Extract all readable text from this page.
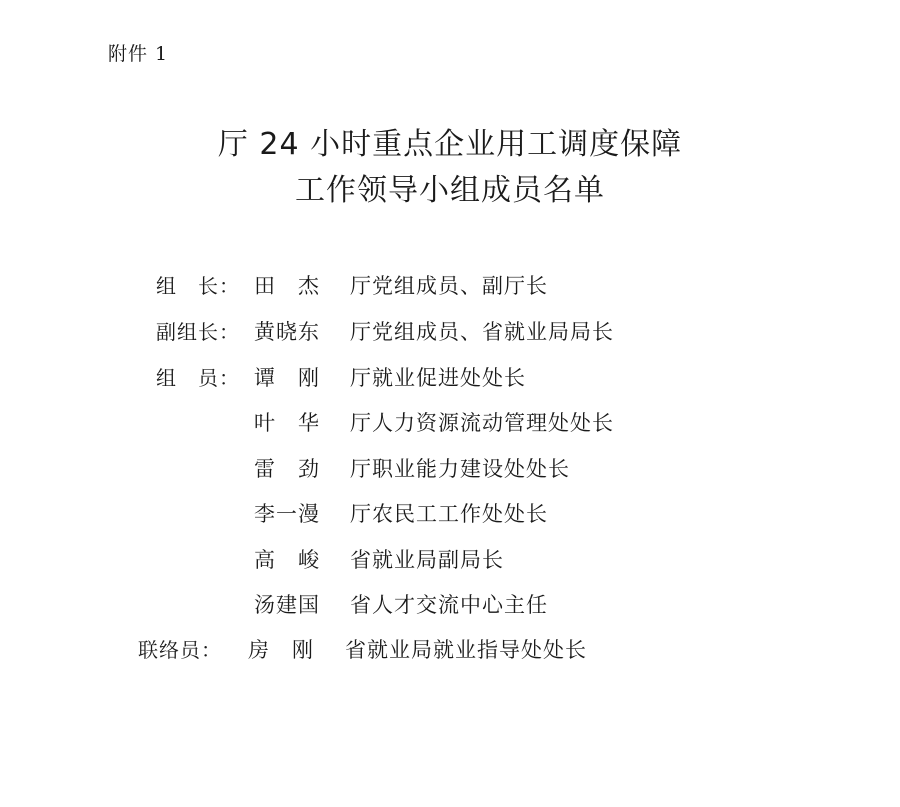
附件 1
厅 24 小时重点企业用工调度保障
工作领导小组成员名单
组　长： 田　杰 厅党组成员、副厅长
副组长： 黄晓东 厅党组成员、省就业局局长
组　员： 谭　刚 厅就业促进处处长
叶　华 厅人力资源流动管理处处长
雷　劲 厅职业能力建设处处长
李一漫 厅农民工工作处处长
高　峻 省就业局副局长
汤建国 省人才交流中心主任
联络员： 房　刚 省就业局就业指导处处长
